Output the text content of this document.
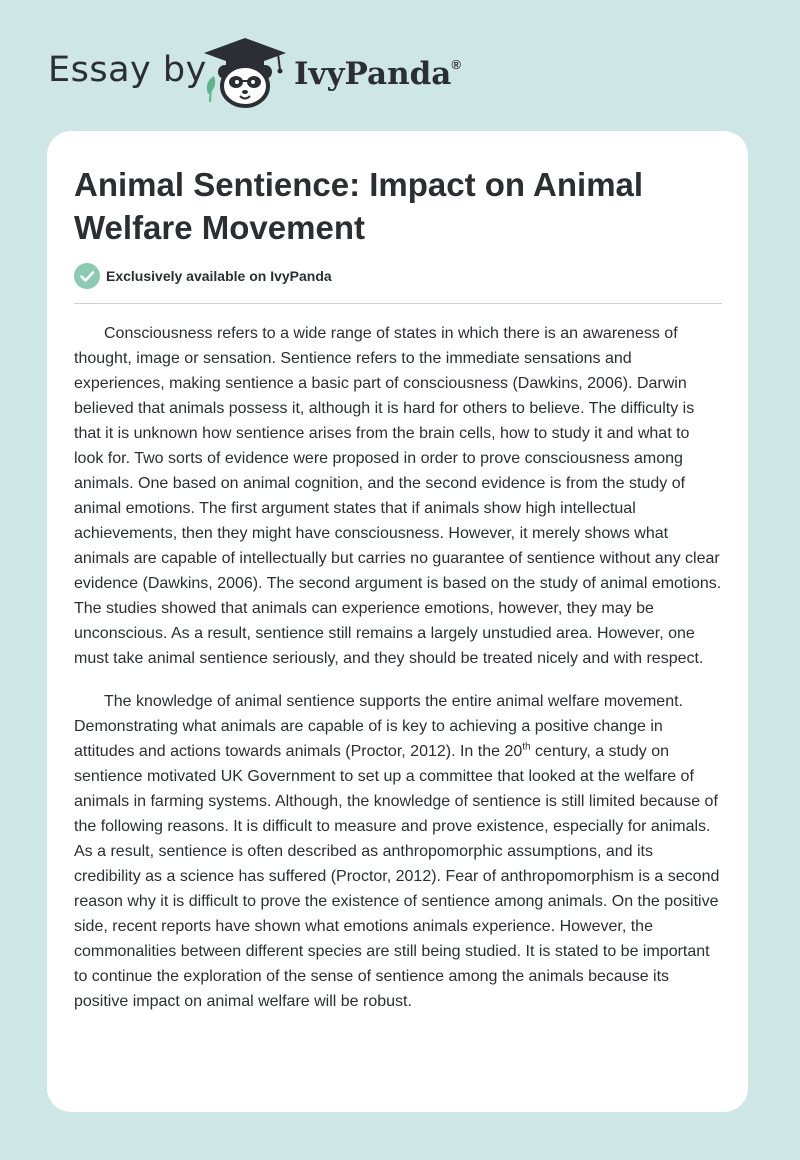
Essay by	IvyPanda®
Animal Sentience: Impact on Animal Welfare Movement
Exclusively available on IvyPanda

Consciousness refers to a wide range of states in which there is an awareness of thought, image or sensation. Sentience refers to the immediate sensations and experiences, making sentience a basic part of consciousness (Dawkins, 2006). Darwin believed that animals possess it, although it is hard for others to believe. The difficulty is that it is unknown how sentience arises from the brain cells, how to study it and what to look for. Two sorts of evidence were proposed in order to prove consciousness among animals. One based on animal cognition, and the second evidence is from the study of animal emotions. The first argument states that if animals show high intellectual achievements, then they might have consciousness. However, it merely shows what animals are capable of intellectually but carries no guarantee of sentience without any clear evidence (Dawkins, 2006). The second argument is based on the study of animal emotions. The studies showed that animals can experience emotions, however, they may be unconscious. As a result, sentience still remains a largely unstudied area. However, one must take animal sentience seriously, and they should be treated nicely and with respect.

The knowledge of animal sentience supports the entire animal welfare movement. Demonstrating what animals are capable of is key to achieving a positive change in attitudes and actions towards animals (Proctor, 2012). In the 20th century, a study on sentience motivated UK Government to set up a committee that looked at the welfare of animals in farming systems. Although, the knowledge of sentience is still limited because of the following reasons. It is difficult to measure and prove existence, especially for animals. As a result, sentience is often described as anthropomorphic assumptions, and its credibility as a science has suffered (Proctor, 2012). Fear of anthropomorphism is a second reason why it is difficult to prove the existence of sentience among animals. On the positive side, recent reports have shown what emotions animals experience. However, the commonalities between different species are still being studied. It is stated to be important to continue the exploration of the sense of sentience among the animals because its positive impact on animal welfare will be robust.
